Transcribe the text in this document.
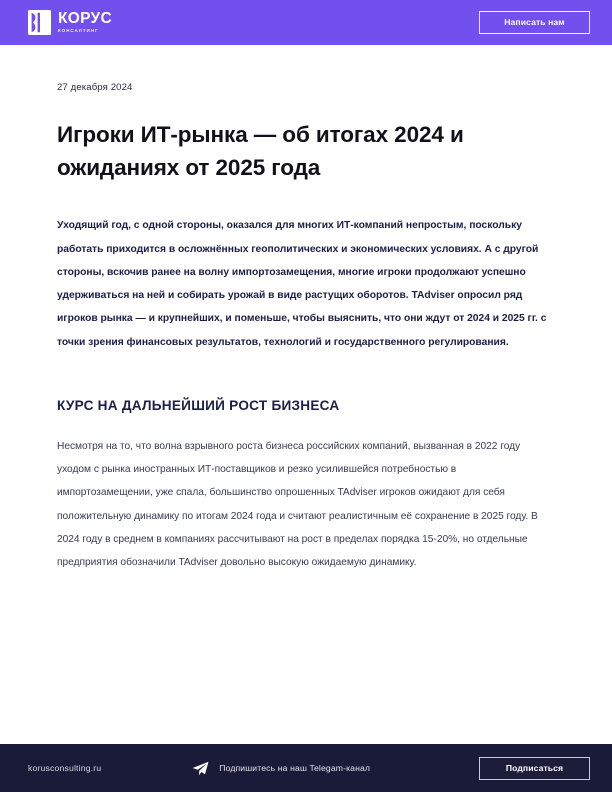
КОРУС
КОНСАЛТИНГ
Написать нам
27 декабря 2024
Игроки ИТ-рынка — об итогах 2024 и ожиданиях от 2025 года

Уходящий год, с одной стороны, оказался для многих ИТ-компаний непростым, поскольку работать приходится в осложнённых геополитических и экономических условиях. А с другой стороны, вскочив ранее на волну импортозамещения, многие игроки продолжают успешно удерживаться на ней и собирать урожай в виде растущих оборотов. TAdviser опросил ряд игроков рынка — и крупнейших, и поменьше, чтобы выяснить, что они ждут от 2024 и 2025 гг. с точки зрения финансовых результатов, технологий и государственного регулирования.

КУРС НА ДАЛЬНЕЙШИЙ РОСТ БИЗНЕСА

Несмотря на то, что волна взрывного роста бизнеса российских компаний, вызванная в 2022 году уходом с рынка иностранных ИТ-поставщиков и резко усилившейся потребностью в импортозамещении, уже спала, большинство опрошенных TAdviser игроков ожидают для себя положительную динамику по итогам 2024 года и считают реалистичным её сохранение в 2025 году. В 2024 году в среднем в компаниях рассчитывают на рост в пределах порядка 15-20%, но отдельные предприятия обозначили TAdviser довольно высокую ожидаемую динамику.

korusconsulting.ru	Подпишитесь на наш Telegam-канал	Подписаться
